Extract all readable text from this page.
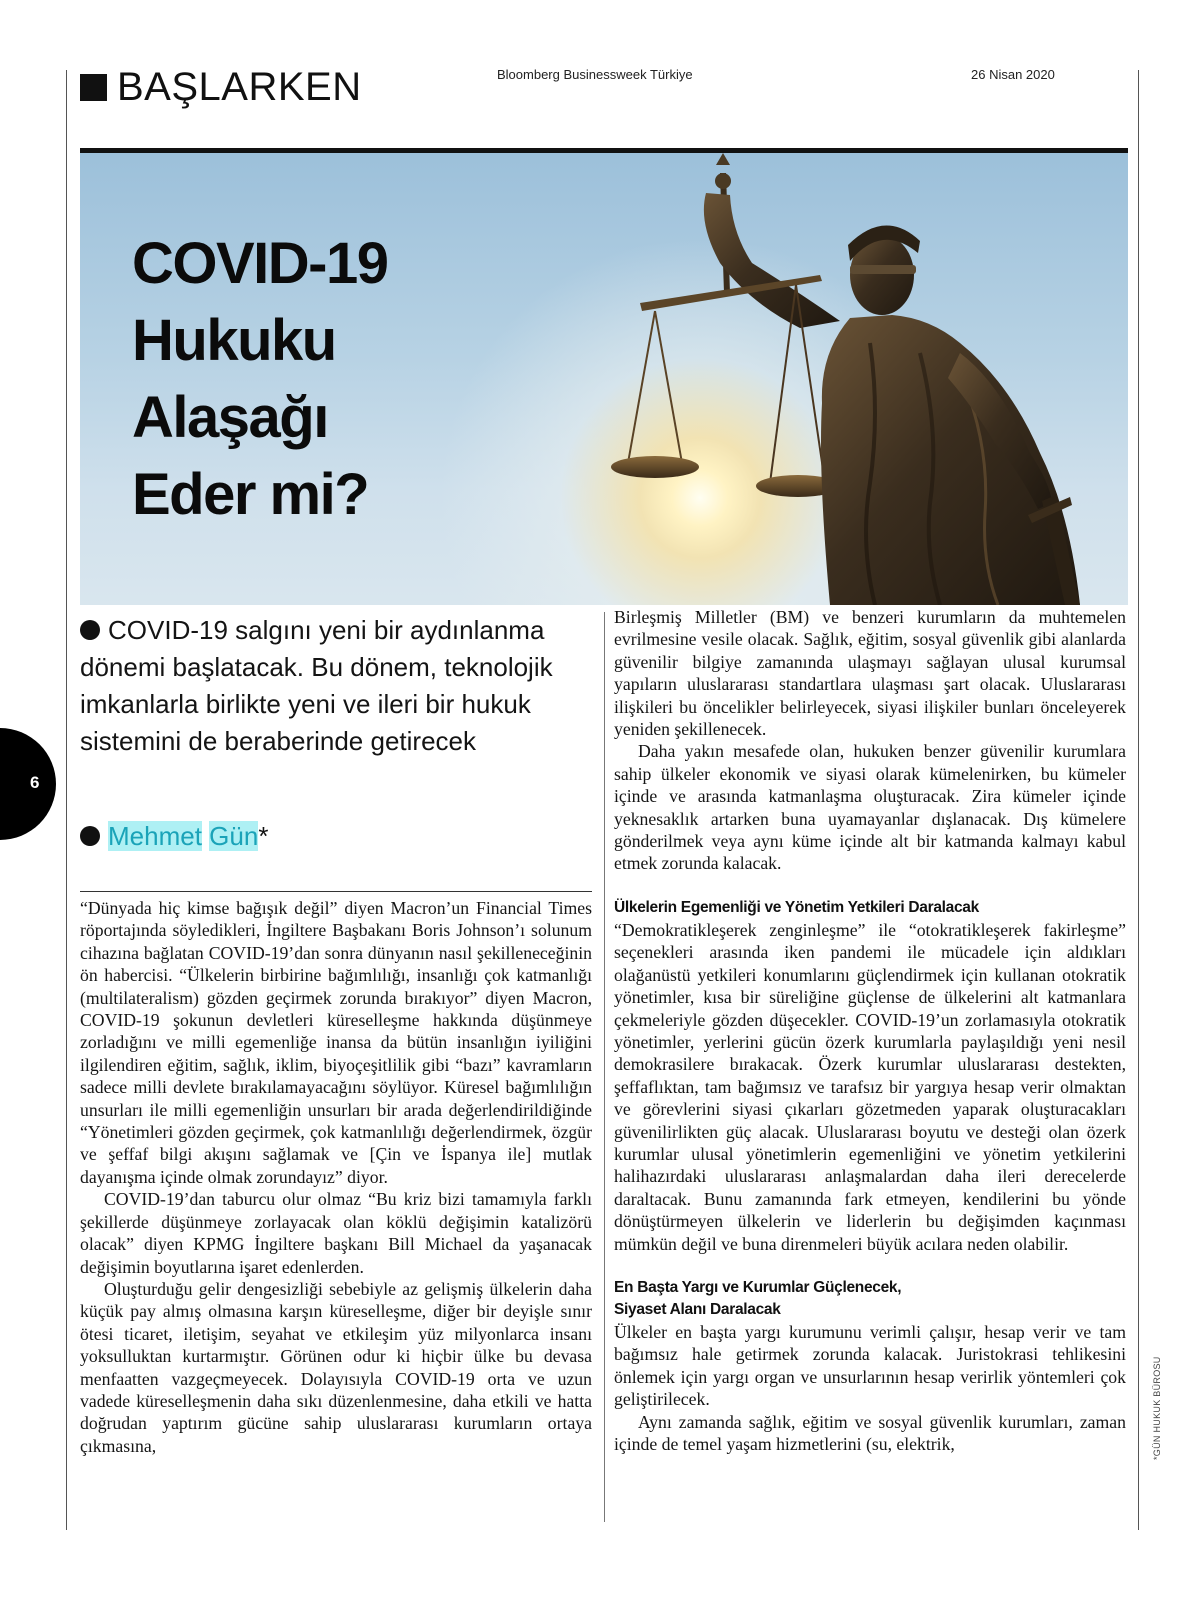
BAŞLARKEN	Bloomberg Businessweek Türkiye	26 Nisan 2020
COVID-19
Hukuku
Alaşağı
Eder mi?
COVID-19 salgını yeni bir aydınlanma dönemi başlatacak. Bu dönem, teknolojik imkanlarla birlikte yeni ve ileri bir hukuk sistemini de beraberinde getirecek
Mehmet Gün*
6

“Dünyada hiç kimse bağışık değil” diyen Macron’un Financial Times röportajında söyledikleri, İngiltere Başbakanı Boris Johnson’ı solunum cihazına bağlatan COVID-19’dan sonra dünyanın nasıl şekilleneceğinin ön habercisi. “Ülkelerin birbirine bağımlılığı, insanlığı çok katmanlığı (multilateralism) gözden geçirmek zorunda bırakıyor” diyen Macron, COVID-19 şokunun devletleri küreselleşme hakkında düşünmeye zorladığını ve milli egemenliğe inansa da bütün insanlığın iyiliğini ilgilendiren eğitim, sağlık, iklim, biyoçeşitlilik gibi “bazı” kavramların sadece milli devlete bırakılamayacağını söylüyor. Küresel bağımlılığın unsurları ile milli egemenliğin unsurları bir arada değerlendirildiğinde “Yönetimleri gözden geçirmek, çok katmanlılığı değerlendirmek, özgür ve şeffaf bilgi akışını sağlamak ve [Çin ve İspanya ile] mutlak dayanışma içinde olmak zorundayız” diyor.

COVID-19’dan taburcu olur olmaz “Bu kriz bizi tamamıyla farklı şekillerde düşünmeye zorlayacak olan köklü değişimin katalizörü olacak” diyen KPMG İngiltere başkanı Bill Michael da yaşanacak değişimin boyutlarına işaret edenlerden.

Oluşturduğu gelir dengesizliği sebebiyle az gelişmiş ülkelerin daha küçük pay almış olmasına karşın küreselleşme, diğer bir deyişle sınır ötesi ticaret, iletişim, seyahat ve etkileşim yüz milyonlarca insanı yoksulluktan kurtarmıştır. Görünen odur ki hiçbir ülke bu devasa menfaatten vazgeçmeyecek. Dolayısıyla COVID-19 orta ve uzun vadede küreselleşmenin daha sıkı düzenlenmesine, daha etkili ve hatta doğrudan yaptırım gücüne sahip uluslararası kurumların ortaya çıkmasına,

Birleşmiş Milletler (BM) ve benzeri kurumların da muhtemelen evrilmesine vesile olacak. Sağlık, eğitim, sosyal güvenlik gibi alanlarda güvenilir bilgiye zamanında ulaşmayı sağlayan ulusal kurumsal yapıların uluslararası standartlara ulaşması şart olacak. Uluslararası ilişkileri bu öncelikler belirleyecek, siyasi ilişkiler bunları önceleyerek yeniden şekillenecek.

Daha yakın mesafede olan, hukuken benzer güvenilir kurumlara sahip ülkeler ekonomik ve siyasi olarak kümelenirken, bu kümeler içinde ve arasında katmanlaşma oluşturacak. Zira kümeler içinde yeknesaklık artarken buna uyamayanlar dışlanacak. Dış kümelere gönderilmek veya aynı küme içinde alt bir katmanda kalmayı kabul etmek zorunda kalacak.

Ülkelerin Egemenliği ve Yönetim Yetkileri Daralacak

“Demokratikleşerek zenginleşme” ile “otokratikleşerek fakirleşme” seçenekleri arasında iken pandemi ile mücadele için aldıkları olağanüstü yetkileri konumlarını güçlendirmek için kullanan otokratik yönetimler, kısa bir süreliğine güçlense de ülkelerini alt katmanlara çekmeleriyle gözden düşecekler. COVID-19’un zorlamasıyla otokratik yönetimler, yerlerini gücün özerk kurumlarla paylaşıldığı yeni nesil demokrasilere bırakacak. Özerk kurumlar uluslararası destekten, şeffaflıktan, tam bağımsız ve tarafsız bir yargıya hesap verir olmaktan ve görevlerini siyasi çıkarları gözetmeden yaparak oluşturacakları güvenilirlikten güç alacak. Uluslararası boyutu ve desteği olan özerk kurumlar ulusal yönetimlerin egemenliğini ve yönetim yetkilerini halihazırdaki uluslararası anlaşmalardan daha ileri derecelerde daraltacak. Bunu zamanında fark etmeyen, kendilerini bu yönde dönüştürmeyen ülkelerin ve liderlerin bu değişimden kaçınması mümkün değil ve buna direnmeleri büyük acılara neden olabilir.

En Başta Yargı ve Kurumlar Güçlenecek,
Siyaset Alanı Daralacak

Ülkeler en başta yargı kurumunu verimli çalışır, hesap verir ve tam bağımsız hale getirmek zorunda kalacak. Juristokrasi tehlikesini önlemek için yargı organ ve unsurlarının hesap verirlik yöntemleri çok geliştirilecek.

Aynı zamanda sağlık, eğitim ve sosyal güvenlik kurumları, zaman içinde de temel yaşam hizmetlerini (su, elektrik,	*GÜN HUKUK BÜROSU
